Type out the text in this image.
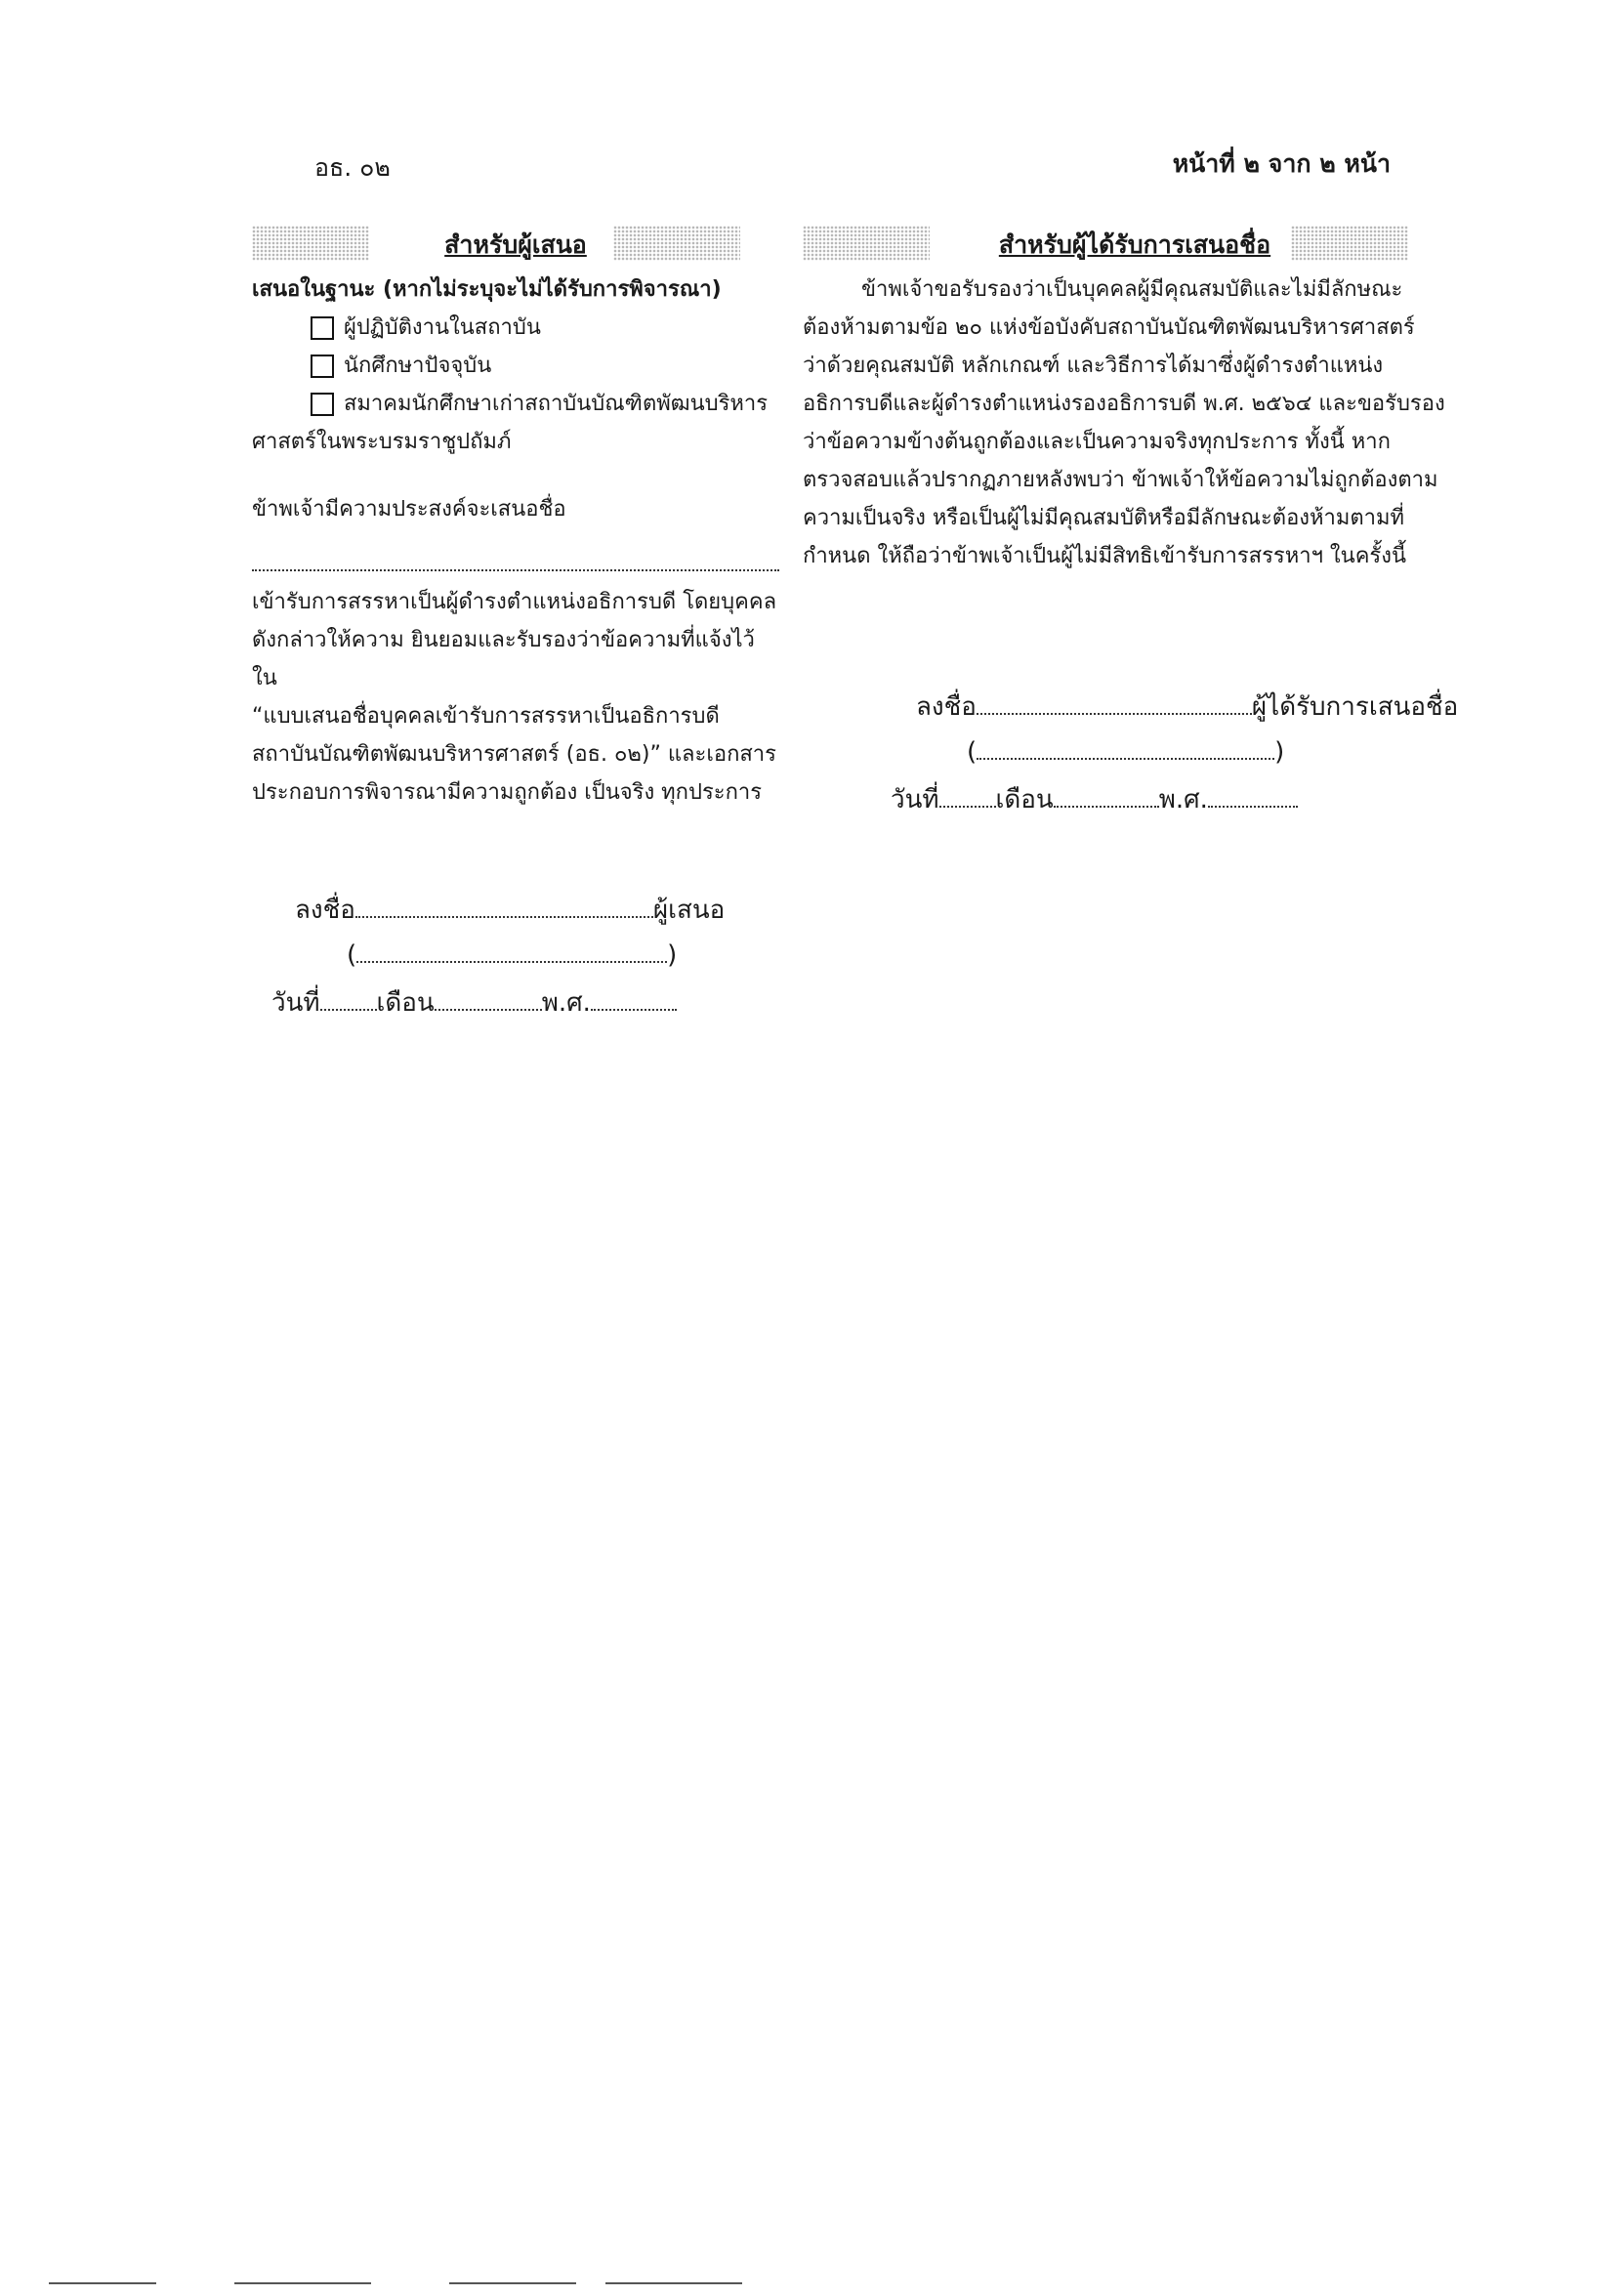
อธ. ๐๒	หน้าที่ ๒ จาก ๒ หน้า
สำหรับผู้เสนอ
เสนอในฐานะ (หากไม่ระบุจะไม่ได้รับการพิจารณา)
ผู้ปฏิบัติงานในสถาบัน
นักศึกษาปัจจุบัน
สมาคมนักศึกษาเก่าสถาบันบัณฑิตพัฒนบริหาร
ศาสตร์ในพระบรมราชูปถัมภ์
ข้าพเจ้ามีความประสงค์จะเสนอชื่อ
เข้ารับการสรรหาเป็นผู้ดำรงตำแหน่งอธิการบดี โดยบุคคล
ดังกล่าวให้ความ ยินยอมและรับรองว่าข้อความที่แจ้งไว้ใน
“แบบเสนอชื่อบุคคลเข้ารับการสรรหาเป็นอธิการบดี
สถาบันบัณฑิตพัฒนบริหารศาสตร์ (อธ. ๐๒)” และเอกสาร
ประกอบการพิจารณามีความถูกต้อง เป็นจริง ทุกประการ
ลงชื่อ	ผู้เสนอ
(	)
วันที่ เดือน	พ.ศ.
สำหรับผู้ได้รับการเสนอชื่อ
ข้าพเจ้าขอรับรองว่าเป็นบุคคลผู้มีคุณสมบัติและไม่มีลักษณะ
ต้องห้ามตามข้อ ๒๐ แห่งข้อบังคับสถาบันบัณฑิตพัฒนบริหารศาสตร์
ว่าด้วยคุณสมบัติ หลักเกณฑ์ และวิธีการได้มาซึ่งผู้ดำรงตำแหน่ง
อธิการบดีและผู้ดำรงตำแหน่งรองอธิการบดี พ.ศ. ๒๕๖๔ และขอรับรอง
ว่าข้อความข้างต้นถูกต้องและเป็นความจริงทุกประการ ทั้งนี้ หาก
ตรวจสอบแล้วปรากฏภายหลังพบว่า ข้าพเจ้าให้ข้อความไม่ถูกต้องตาม
ความเป็นจริง หรือเป็นผู้ไม่มีคุณสมบัติหรือมีลักษณะต้องห้ามตามที่
กำหนด ให้ถือว่าข้าพเจ้าเป็นผู้ไม่มีสิทธิเข้ารับการสรรหาฯ ในครั้งนี้
ลงชื่อ	ผู้ได้รับการเสนอชื่อ
(	)
วันที่ เดือน	พ.ศ.
